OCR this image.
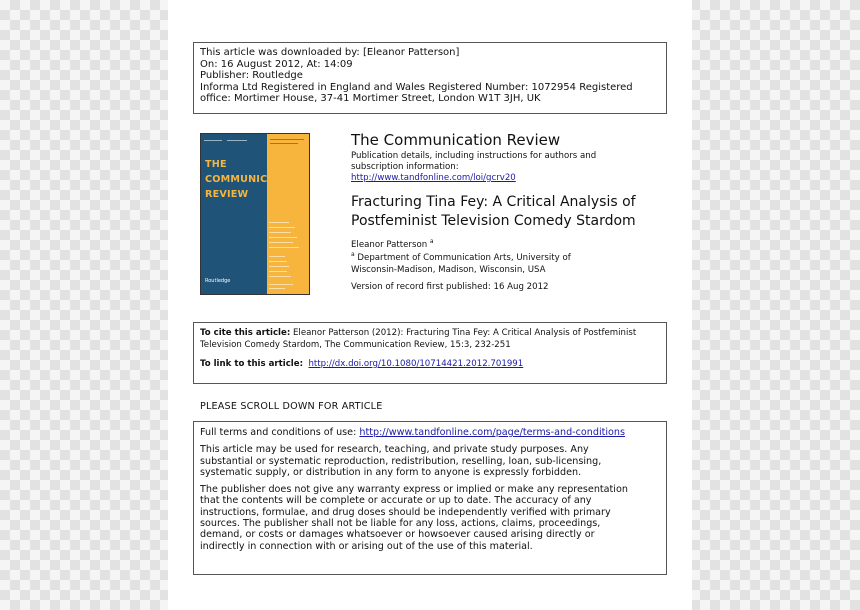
This article was downloaded by: [Eleanor Patterson]
On: 16 August 2012, At: 14:09
Publisher: Routledge
Informa Ltd Registered in England and Wales Registered Number: 1072954 Registered
office: Mortimer House, 37-41 Mortimer Street, London W1T 3JH, UK
THE
COMMUNICATION
REVIEW
Routledge
The Communication Review
Publication details, including instructions for authors and
subscription information:
http://www.tandfonline.com/loi/gcrv20
Fracturing Tina Fey: A Critical Analysis of
Postfeminist Television Comedy Stardom
Eleanor Patterson $^a$
$^a$ Department of Communication Arts, University of
Wisconsin-Madison, Madison, Wisconsin, USA
Version of record first published: 16 Aug 2012
To cite this article: Eleanor Patterson (2012): Fracturing Tina Fey: A Critical Analysis of Postfeminist
Television Comedy Stardom, The Communication Review, 15:3, 232-251
To link to this article: http://dx.doi.org/10.1080/10714421.2012.701991
PLEASE SCROLL DOWN FOR ARTICLE
Full terms and conditions of use: http://www.tandfonline.com/page/terms-and-conditions
This article may be used for research, teaching, and private study purposes. Any
substantial or systematic reproduction, redistribution, reselling, loan, sub-licensing,
systematic supply, or distribution in any form to anyone is expressly forbidden.
The publisher does not give any warranty express or implied or make any representation
that the contents will be complete or accurate or up to date. The accuracy of any
instructions, formulae, and drug doses should be independently verified with primary
sources. The publisher shall not be liable for any loss, actions, claims, proceedings,
demand, or costs or damages whatsoever or howsoever caused arising directly or
indirectly in connection with or arising out of the use of this material.
